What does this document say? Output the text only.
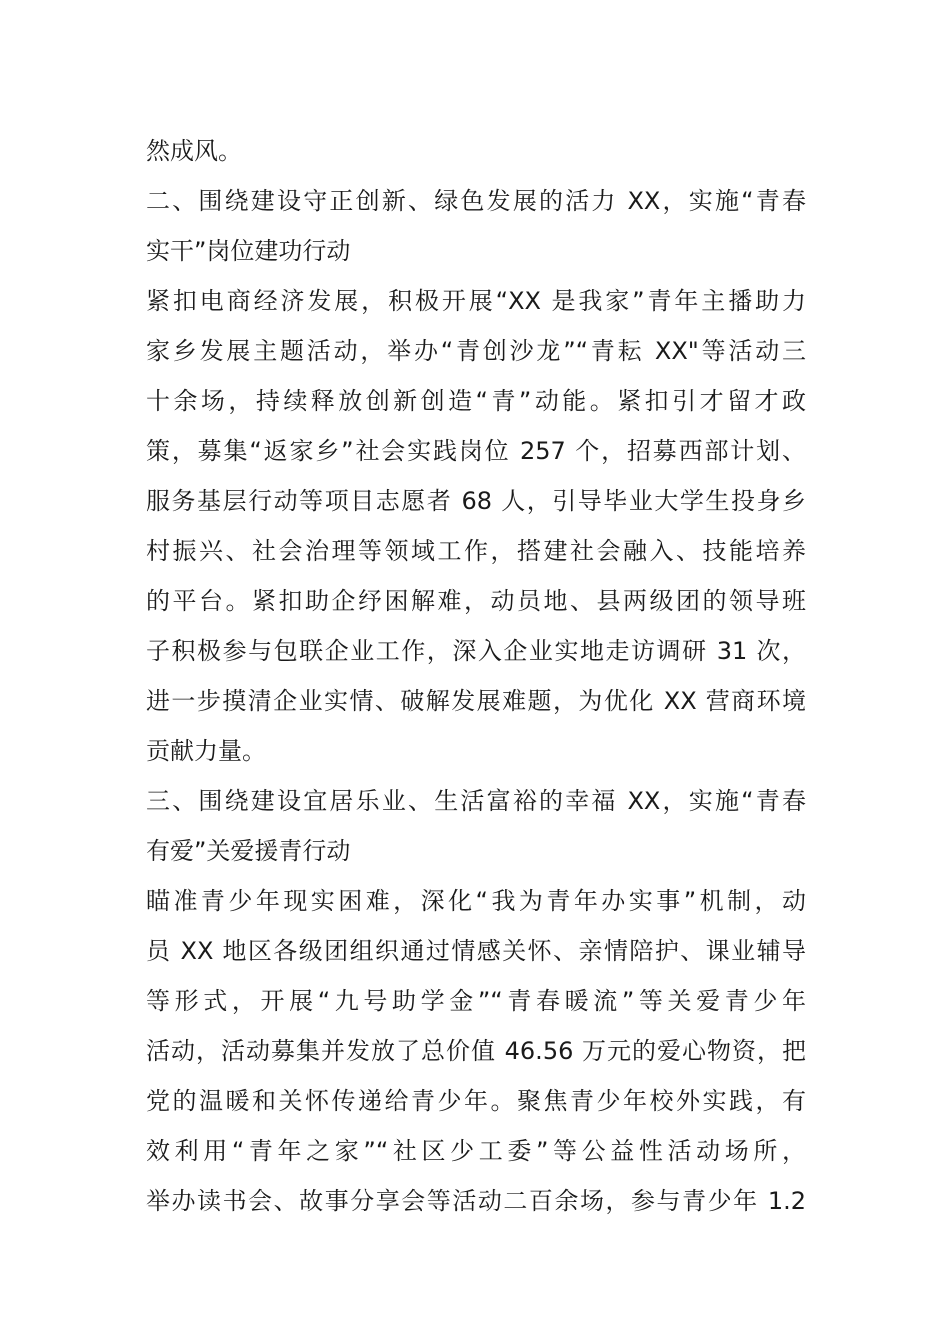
然成风。
二、围绕建设守正创新、绿色发展的活力 XX，实施“青春
实干”岗位建功行动
紧扣电商经济发展，积极开展“XX 是我家”青年主播助力
家乡发展主题活动，举办“青创沙龙”“青耘 XX"等活动三
十余场，持续释放创新创造“青”动能。紧扣引才留才政
策，募集“返家乡”社会实践岗位 257 个，招募西部计划、
服务基层行动等项目志愿者 68 人，引导毕业大学生投身乡
村振兴、社会治理等领域工作，搭建社会融入、技能培养
的平台。紧扣助企纾困解难，动员地、县两级团的领导班
子积极参与包联企业工作，深入企业实地走访调研 31 次，
进一步摸清企业实情、破解发展难题，为优化 XX 营商环境
贡献力量。
三、围绕建设宜居乐业、生活富裕的幸福 XX，实施“青春
有爱”关爱援青行动
瞄准青少年现实困难，深化“我为青年办实事”机制，动
员 XX 地区各级团组织通过情感关怀、亲情陪护、课业辅导
等形式，开展“九号助学金”“青春暖流”等关爱青少年
活动，活动募集并发放了总价值 46.56 万元的爱心物资，把
党的温暖和关怀传递给青少年。聚焦青少年校外实践，有
效利用“青年之家”“社区少工委”等公益性活动场所，
举办读书会、故事分享会等活动二百余场，参与青少年 1.2
